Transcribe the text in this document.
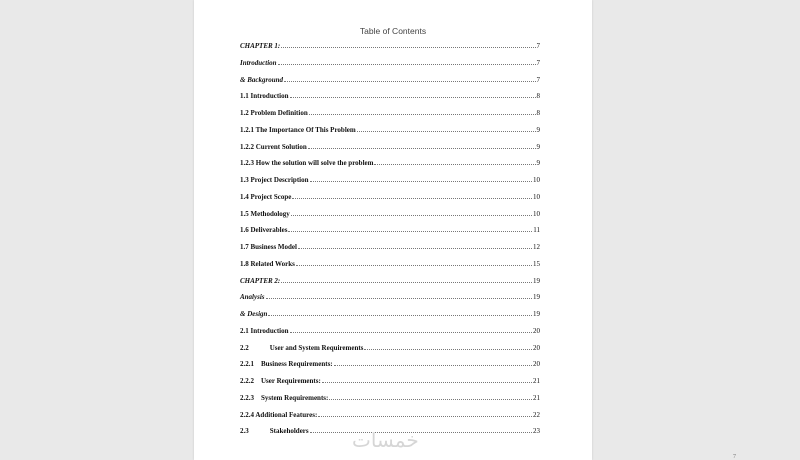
Table of Contents
CHAPTER 1:	7
Introduction	7
& Background	7
1.1 Introduction	8
1.2 Problem Definition	8
1.2.1 The Importance Of This Problem	9
1.2.2 Current Solution	9
1.2.3 How the solution will solve the problem	9
1.3 Project Description	10
1.4 Project Scope	10
1.5 Methodology	10
1.6 Deliverables	11
1.7 Business Model	12
1.8 Related Works	15
CHAPTER 2:	19
Analysis	19
& Design	19
2.1 Introduction	20
2.2	User and System Requirements	20
2.2.1 Business Requirements:	20
2.2.2 User Requirements:	21
2.2.3 System Requirements:	21
2.2.4 Additional Features:	22
2.3	Stakeholders	23
7
خمسات
